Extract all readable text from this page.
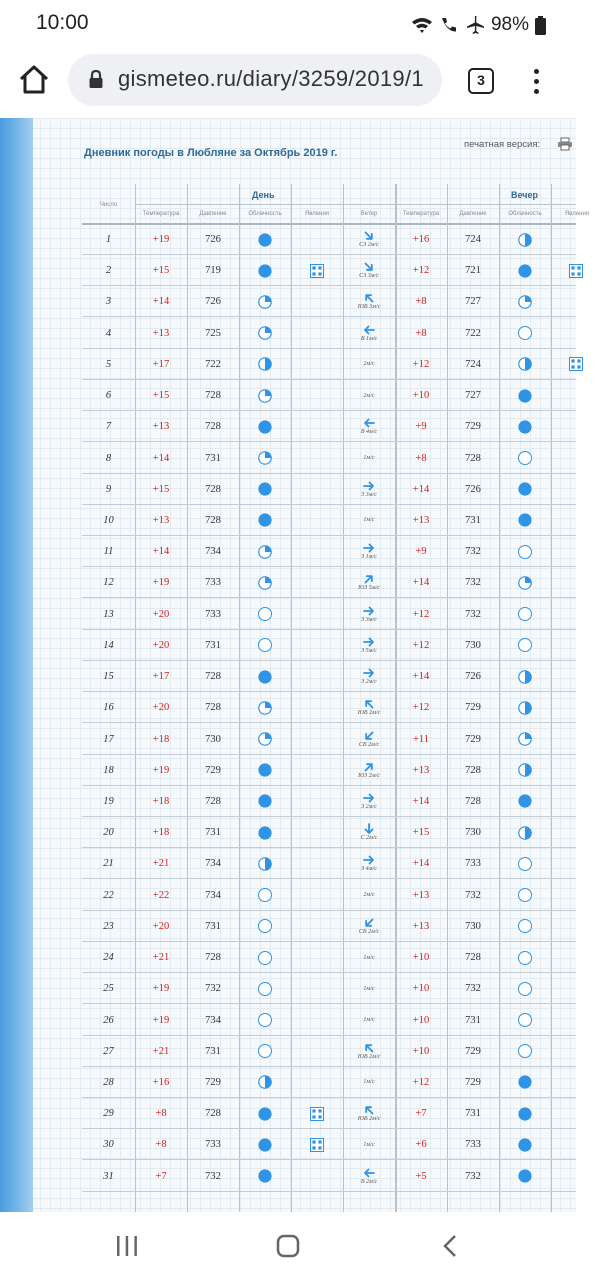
10:00	98%
gismeteo.ru/diary/3259/2019/1	3
Дневник погоды в Любляне за Октябрь 2019 г.
печатная версия:
Число
День	Вечер
Температура	Давление	Облачность	Явления	Ветер	Температура	Давление	Облачность	Явления
1	+19	726	СЗ 2м/с	+16	724
2	+15	719	СЗ 3м/с	+12	721
3	+14	726	ЮВ 3м/с	+8	727
4	+13	725	В 1м/с	+8	722
5	+17	722	2м/с	+12	724
6	+15	728	2м/с	+10	727
7	+13	728	В 4м/с	+9	729
8	+14	731	1м/с	+8	728
9	+15	728	З 3м/с	+14	726
10	+13	728	1м/с	+13	731
11	+14	734	З 1м/с	+9	732
12	+19	733	ЮЗ 5м/с	+14	732
13	+20	733	З 3м/с	+12	732
14	+20	731	З 5м/с	+12	730
15	+17	728	З 2м/с	+14	726
16	+20	728	ЮВ 2м/с	+12	729
17	+18	730	СВ 2м/с	+11	729
18	+19	729	ЮЗ 2м/с	+13	728
19	+18	728	З 2м/с	+14	728
20	+18	731	С 2м/с	+15	730
21	+21	734	З 4м/с	+14	733
22	+22	734	2м/с	+13	732
23	+20	731	СВ 2м/с	+13	730
24	+21	728	1м/с	+10	728
25	+19	732	1м/с	+10	732
26	+19	734	1м/с	+10	731
27	+21	731	ЮВ 2м/с	+10	729
28	+16	729	1м/с	+12	729
29	+8	728	ЮВ 2м/с	+7	731
30	+8	733	1м/с	+6	733
31	+7	732	В 2м/с	+5	732
